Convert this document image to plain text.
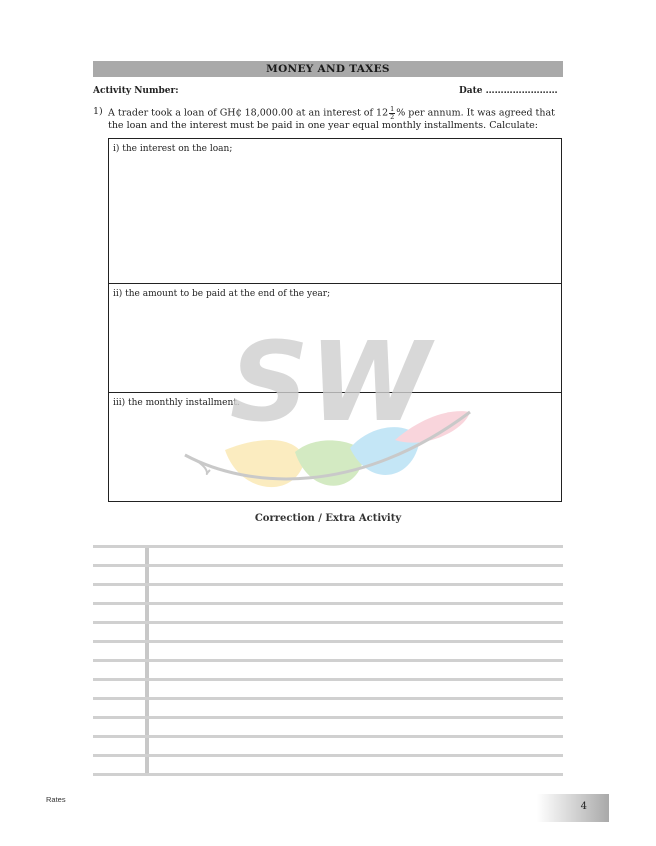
MONEY AND TAXES
Activity Number:	Date ……………………
1) A trader took a loan of GH₵ 18,000.00 at an interest of $12 \frac{1}{2}$ % per annum. It was agreed that the loan and the interest must be paid in one year equal monthly installments. Calculate:
i) the interest on the loan;
ii) the amount to be paid at the end of the year;
iii) the monthly installment.
SW
Correction / Extra Activity
Rates
4
